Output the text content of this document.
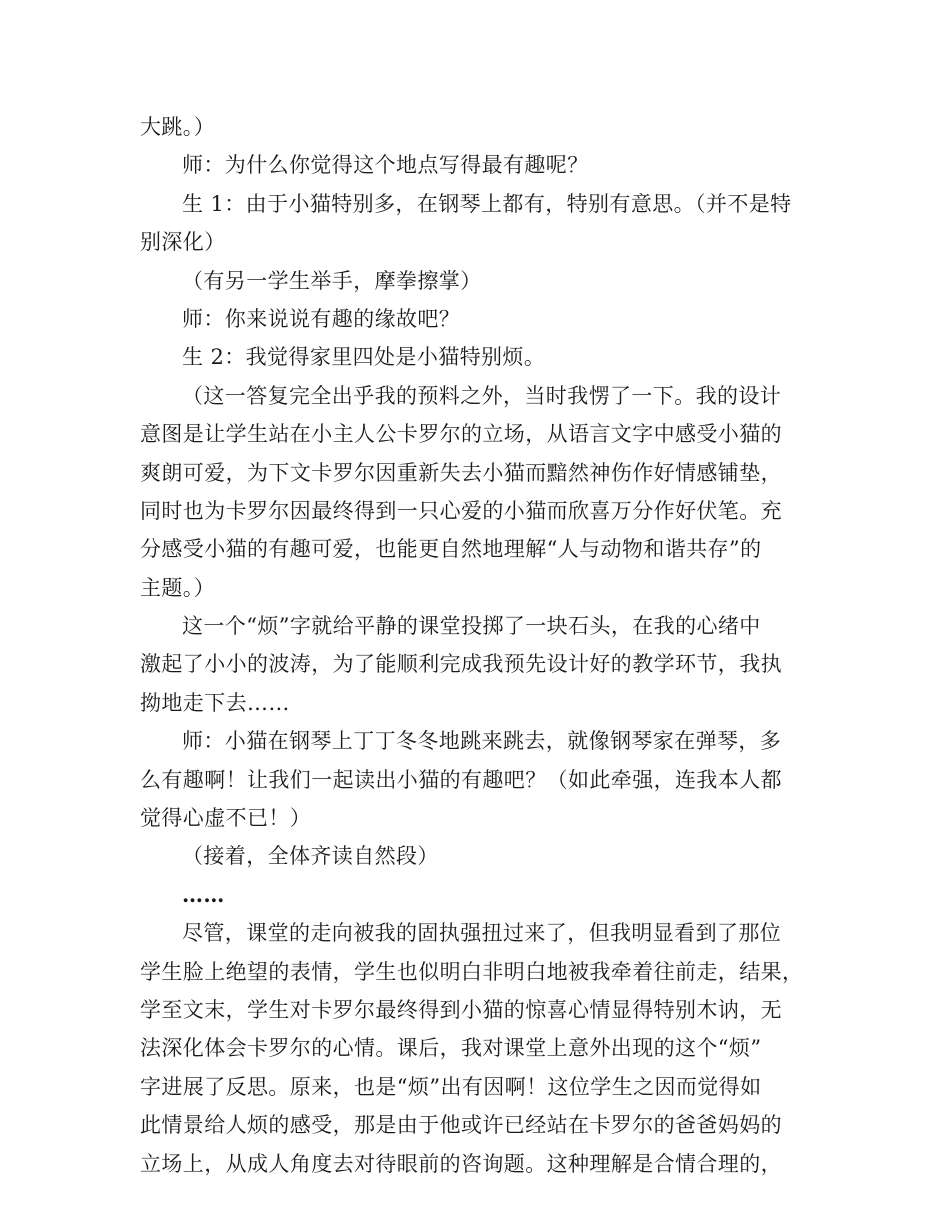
大跳。）
师：为什么你觉得这个地点写得最有趣呢？
生 1：由于小猫特别多，在钢琴上都有，特别有意思。（并不是特
别深化）
（有另一学生举手，摩拳擦掌）
师：你来说说有趣的缘故吧？
生 2：我觉得家里四处是小猫特别烦。
（这一答复完全出乎我的预料之外，当时我愣了一下。我的设计
意图是让学生站在小主人公卡罗尔的立场，从语言文字中感受小猫的
爽朗可爱，为下文卡罗尔因重新失去小猫而黯然神伤作好情感铺垫，
同时也为卡罗尔因最终得到一只心爱的小猫而欣喜万分作好伏笔。充
分感受小猫的有趣可爱，也能更自然地理解“人与动物和谐共存”的
主题。）
这一个“烦”字就给平静的课堂投掷了一块石头，在我的心绪中
激起了小小的波涛，为了能顺利完成我预先设计好的教学环节，我执
拗地走下去……
师：小猫在钢琴上丁丁冬冬地跳来跳去，就像钢琴家在弹琴，多
么有趣啊！让我们一起读出小猫的有趣吧？（如此牵强，连我本人都
觉得心虚不已！）
（接着，全体齐读自然段）
……
尽管，课堂的走向被我的固执强扭过来了，但我明显看到了那位
学生脸上绝望的表情，学生也似明白非明白地被我牵着往前走，结果，
学至文末，学生对卡罗尔最终得到小猫的惊喜心情显得特别木讷，无
法深化体会卡罗尔的心情。课后，我对课堂上意外出现的这个“烦”
字进展了反思。原来，也是“烦”出有因啊！这位学生之因而觉得如
此情景给人烦的感受，那是由于他或许已经站在卡罗尔的爸爸妈妈的
立场上，从成人角度去对待眼前的咨询题。这种理解是合情合理的，
